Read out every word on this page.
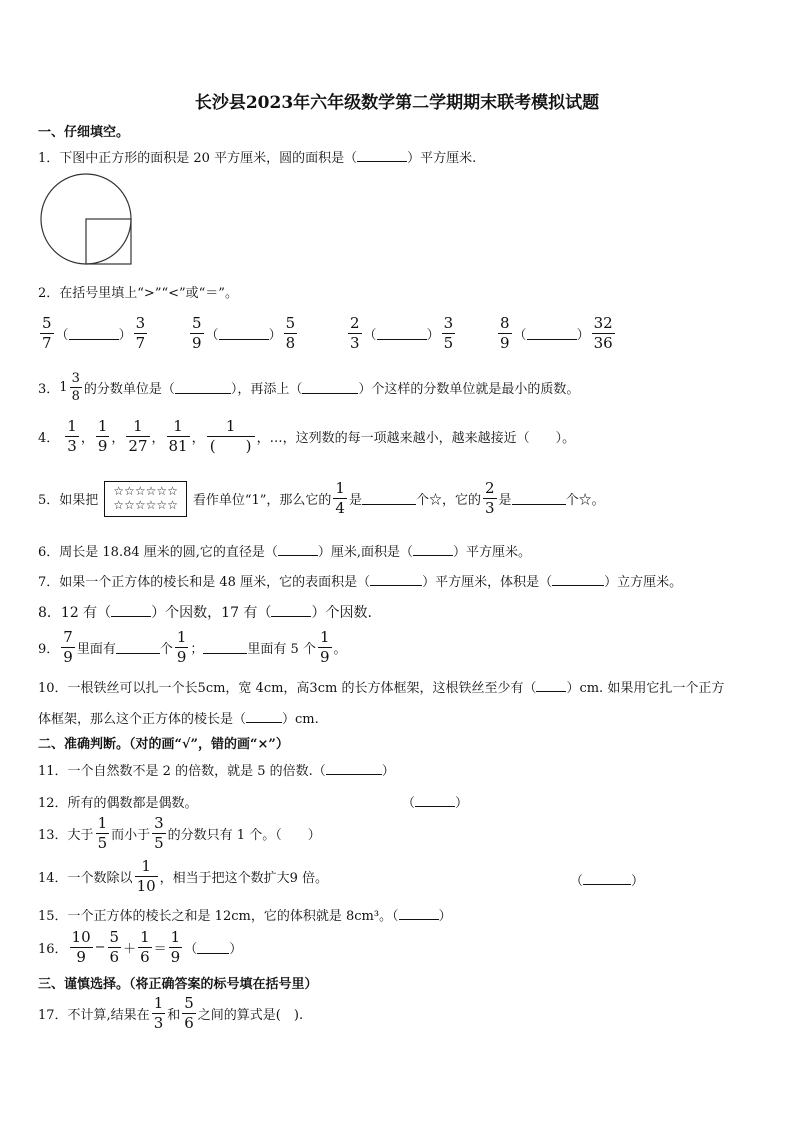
长沙县2023年六年级数学第二学期期末联考模拟试题
一、仔细填空。
1．下图中正方形的面积是 20 平方厘米，圆的面积是（	）平方厘米.
2．在括号里填上“>”“<”或“＝”。
$\frac{5}{7}$ （	） $\frac{3}{7}$	$\frac{5}{9}$ （	） $\frac{5}{8}$	$\frac{2}{3}$ （	） $\frac{3}{5}$	$\frac{8}{9}$ （	） $\frac{32}{36}$
3． $1 \frac{3}{8}$ 的分数单位是（	），再添上（	）个这样的分数单位就是最小的质数。
4． $\frac{1}{3}$ ， $\frac{1}{9}$ ， $\frac{1}{27}$ ， $\frac{1}{81}$ ， $\frac{1}{( )}$ ，…，这列数的每一项越来越小，越来越接近（　　）。
5． 如果把
☆☆☆☆☆☆
☆☆☆☆☆☆ 看作单位“1”，那么它的 $\frac{1}{4}$ 是	个☆，它的 $\frac{2}{3}$ 是	个☆。
6．周长是 18.84 厘米的圆,它的直径是（	）厘米,面积是（	）平方厘米。
7．如果一个正方体的棱长和是 48 厘米，它的表面积是（	）平方厘米，体积是（	）立方厘米。
8．12 有（	）个因数，17 有（	）个因数.
9． $\frac{7}{9}$ 里面有	个 $\frac{1}{9}$ ；	里面有 5 个 $\frac{1}{9}$ 。
10．一根铁丝可以扎一个长5cm，宽 4cm，高3cm 的长方体框架，这根铁丝至少有（ ）cm. 如果用它扎一个正方
体框架，那么这个正方体的棱长是（	）cm.
二、准确判断。（对的画“√”，错的画“×”）
11．一个自然数不是 2 的倍数，就是 5 的倍数.（	）
12．所有的偶数都是偶数。	（	）
13． 大于 $\frac{1}{5}$ 而小于 $\frac{3}{5}$ 的分数只有 1 个。（　　）
14． 一个数除以 $\frac{1}{10}$ ，相当于把这个数扩大9 倍。	（	）
15．一个正方体的棱长之和是 12cm，它的体积就是 8cm³。（	）
16． $\frac{10}{9} - \frac{5}{6} + \frac{1}{6} = \frac{1}{9}$ （ ）
三、谨慎选择。（将正确答案的标号填在括号里）
17． 不计算,结果在 $\frac{1}{3}$ 和 $\frac{5}{6}$ 之间的算式是(　).
